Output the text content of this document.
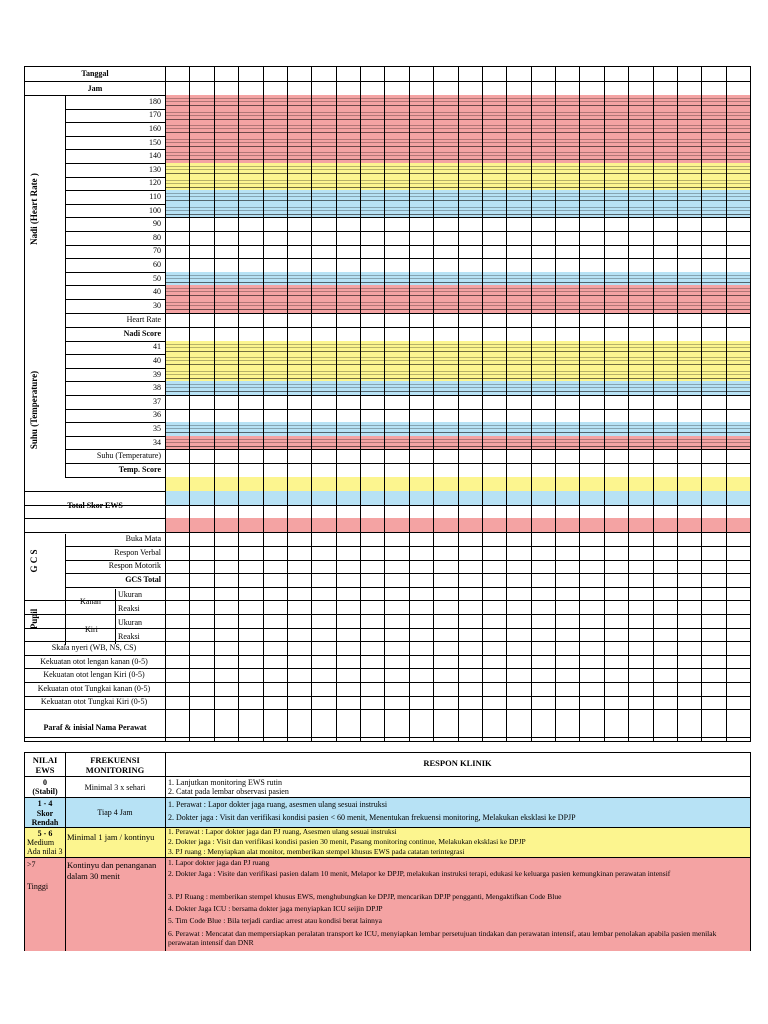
Tanggal
Jam
Nadi (Heart Rate )
Suhu (Temperature)
G C S
Pupil
Total Skor EWS
Kanan
Kiri
Ukuran
Reaksi
Ukuran
Reaksi
Paraf & inisial Nama Perawat
180
170
160
150
140
130
120
110
100
90
80
70
60
50
40
30
Heart Rate
Nadi Score
41
40
39
38
37
36
35
34
Suhu (Temperature)
Temp. Score
Buka Mata
Respon Verbal
Respon Motorik
GCS Total
Skala nyeri (WB, NS, CS)
Kekuatan otot lengan kanan (0-5)
Kekuatan otot lengan Kiri (0-5)
Kekuatan otot Tungkai kanan (0-5)
Kekuatan otot Tungkai Kiri (0-5)
NILAI EWS
FREKUENSI MONITORING
RESPON KLINIK
0
(Stabil)	Minimal 3 x sehari
1. Lanjutkan monitoring EWS rutin
2. Catat pada lembar observasi pasien
1 - 4
Skor Rendah
Tiap 4 Jam
1. Perawat : Lapor dokter jaga ruang, asesmen ulang sesuai instruksi
2. Dokter jaga : Visit dan verifikasi kondisi pasien < 60 menit, Menentukan frekuensi monitoring, Melakukan eksklasi ke DPJP
5 - 6
Medium
Ada nilai 3
Minimal 1 jam / kontinyu
1. Perawat : Lapor dokter jaga dan PJ ruang, Asesmen ulang sesuai instruksi
2. Dokter jaga : Visit dan verifikasi kondisi pasien 30 menit, Pasang monitoring continue, Melakukan eksklasi ke DPJP
3. PJ ruang : Menyiapkan alat monitor, memberikan stempel khusus EWS pada catatan terintegrasi
>7
Tinggi
Kontinyu dan penanganan dalam 30 menit
1. Lapor dokter jaga dan PJ ruang
2. Dokter Jaga : Visite dan verifikasi pasien dalam 10 menit, Melapor ke DPJP, melakukan instruksi terapi, edukasi ke keluarga pasien kemungkinan perawatan intensif
3. PJ Ruang : memberikan stempel khusus EWS, menghubungkan ke DPJP, mencarikan DPJP pengganti, Mengaktifkan Code Blue
4. Dokter Jaga ICU : bersama dokter jaga menyiapkan ICU seijin DPJP
5. Tim Code Blue : Bila terjadi cardiac arrest atau kondisi berat lainnya
6. Perawat : Mencatat dan mempersiapkan peralatan transport ke ICU, menyiapkan lembar persetujuan tindakan dan perawatan intensif, atau lembar penolakan apabila pasien menilak perawatan intensif dan DNR
